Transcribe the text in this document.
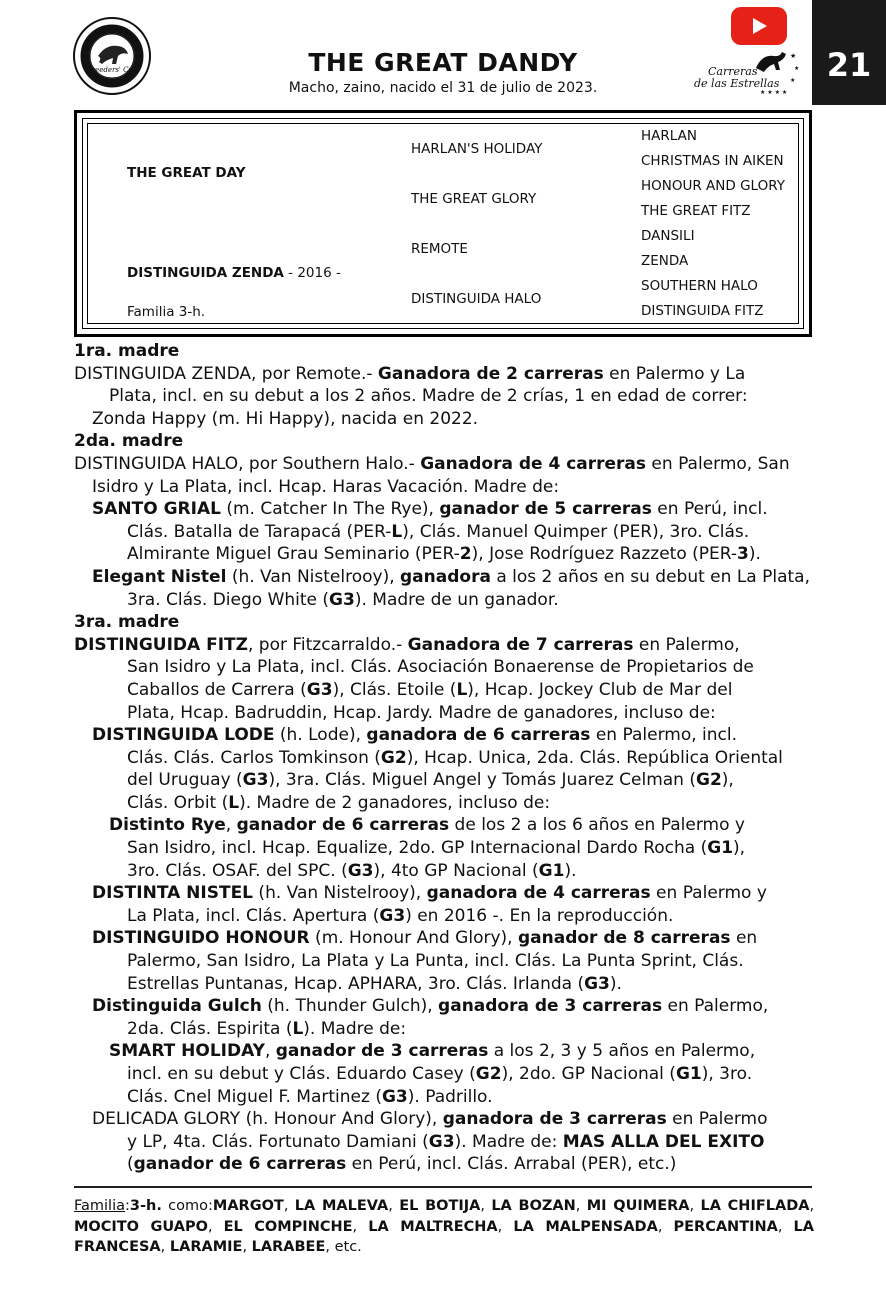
Breeders' Cup	THE GREAT DANDY
Macho, zaino, nacido el 31 de julio de 2023.
★
★
★
★ ★ ★ ★
Carreras
de las Estrellas	21
THE GREAT DAY
DISTINGUIDA ZENDA - 2016 -
Familia 3-h.
HARLAN'S HOLIDAY
THE GREAT GLORY
REMOTE
DISTINGUIDA HALO
HARLAN
CHRISTMAS IN AIKEN
HONOUR AND GLORY
THE GREAT FITZ
DANSILI
ZENDA
SOUTHERN HALO
DISTINGUIDA FITZ

1ra. madre

DISTINGUIDA ZENDA, por Remote.- Ganadora de 2 carreras en Palermo y La

Plata, incl. en su debut a los 2 años. Madre de 2 crías, 1 en edad de correr:

Zonda Happy (m. Hi Happy), nacida en 2022.

2da. madre

DISTINGUIDA HALO, por Southern Halo.- Ganadora de 4 carreras en Palermo, San

Isidro y La Plata, incl. Hcap. Haras Vacación. Madre de:

SANTO GRIAL (m. Catcher In The Rye), ganador de 5 carreras en Perú, incl.

Clás. Batalla de Tarapacá (PER-L), Clás. Manuel Quimper (PER), 3ro. Clás.

Almirante Miguel Grau Seminario (PER-2), Jose Rodríguez Razzeto (PER-3).

Elegant Nistel (h. Van Nistelrooy), ganadora a los 2 años en su debut en La Plata,

3ra. Clás. Diego White (G3). Madre de un ganador.

3ra. madre

DISTINGUIDA FITZ, por Fitzcarraldo.- Ganadora de 7 carreras en Palermo,

San Isidro y La Plata, incl. Clás. Asociación Bonaerense de Propietarios de

Caballos de Carrera (G3), Clás. Etoile (L), Hcap. Jockey Club de Mar del

Plata, Hcap. Badruddin, Hcap. Jardy. Madre de ganadores, incluso de:

DISTINGUIDA LODE (h. Lode), ganadora de 6 carreras en Palermo, incl.

Clás. Clás. Carlos Tomkinson (G2), Hcap. Unica, 2da. Clás. República Oriental

del Uruguay (G3), 3ra. Clás. Miguel Angel y Tomás Juarez Celman (G2),

Clás. Orbit (L). Madre de 2 ganadores, incluso de:

Distinto Rye, ganador de 6 carreras de los 2 a los 6 años en Palermo y

San Isidro, incl. Hcap. Equalize, 2do. GP Internacional Dardo Rocha (G1),

3ro. Clás. OSAF. del SPC. (G3), 4to GP Nacional (G1).

DISTINTA NISTEL (h. Van Nistelrooy), ganadora de 4 carreras en Palermo y

La Plata, incl. Clás. Apertura (G3) en 2016 -. En la reproducción.

DISTINGUIDO HONOUR (m. Honour And Glory), ganador de 8 carreras en

Palermo, San Isidro, La Plata y La Punta, incl. Clás. La Punta Sprint, Clás.

Estrellas Puntanas, Hcap. APHARA, 3ro. Clás. Irlanda (G3).

Distinguida Gulch (h. Thunder Gulch), ganadora de 3 carreras en Palermo,

2da. Clás. Espirita (L). Madre de:

SMART HOLIDAY, ganador de 3 carreras a los 2, 3 y 5 años en Palermo,

incl. en su debut y Clás. Eduardo Casey (G2), 2do. GP Nacional (G1), 3ro.

Clás. Cnel Miguel F. Martinez (G3). Padrillo.

DELICADA GLORY (h. Honour And Glory), ganadora de 3 carreras en Palermo

y LP, 4ta. Clás. Fortunato Damiani (G3). Madre de: MAS ALLA DEL EXITO

(ganador de 6 carreras en Perú, incl. Clás. Arrabal (PER), etc.)

Familia:3-h. como:MARGOT, LA MALEVA, EL BOTIJA, LA BOZAN, MI QUIMERA, LA CHIFLADA, MOCITO GUAPO, EL COMPINCHE, LA MALTRECHA, LA MALPENSADA, PERCANTINA, LA FRANCESA, LARAMIE, LARABEE, etc.
